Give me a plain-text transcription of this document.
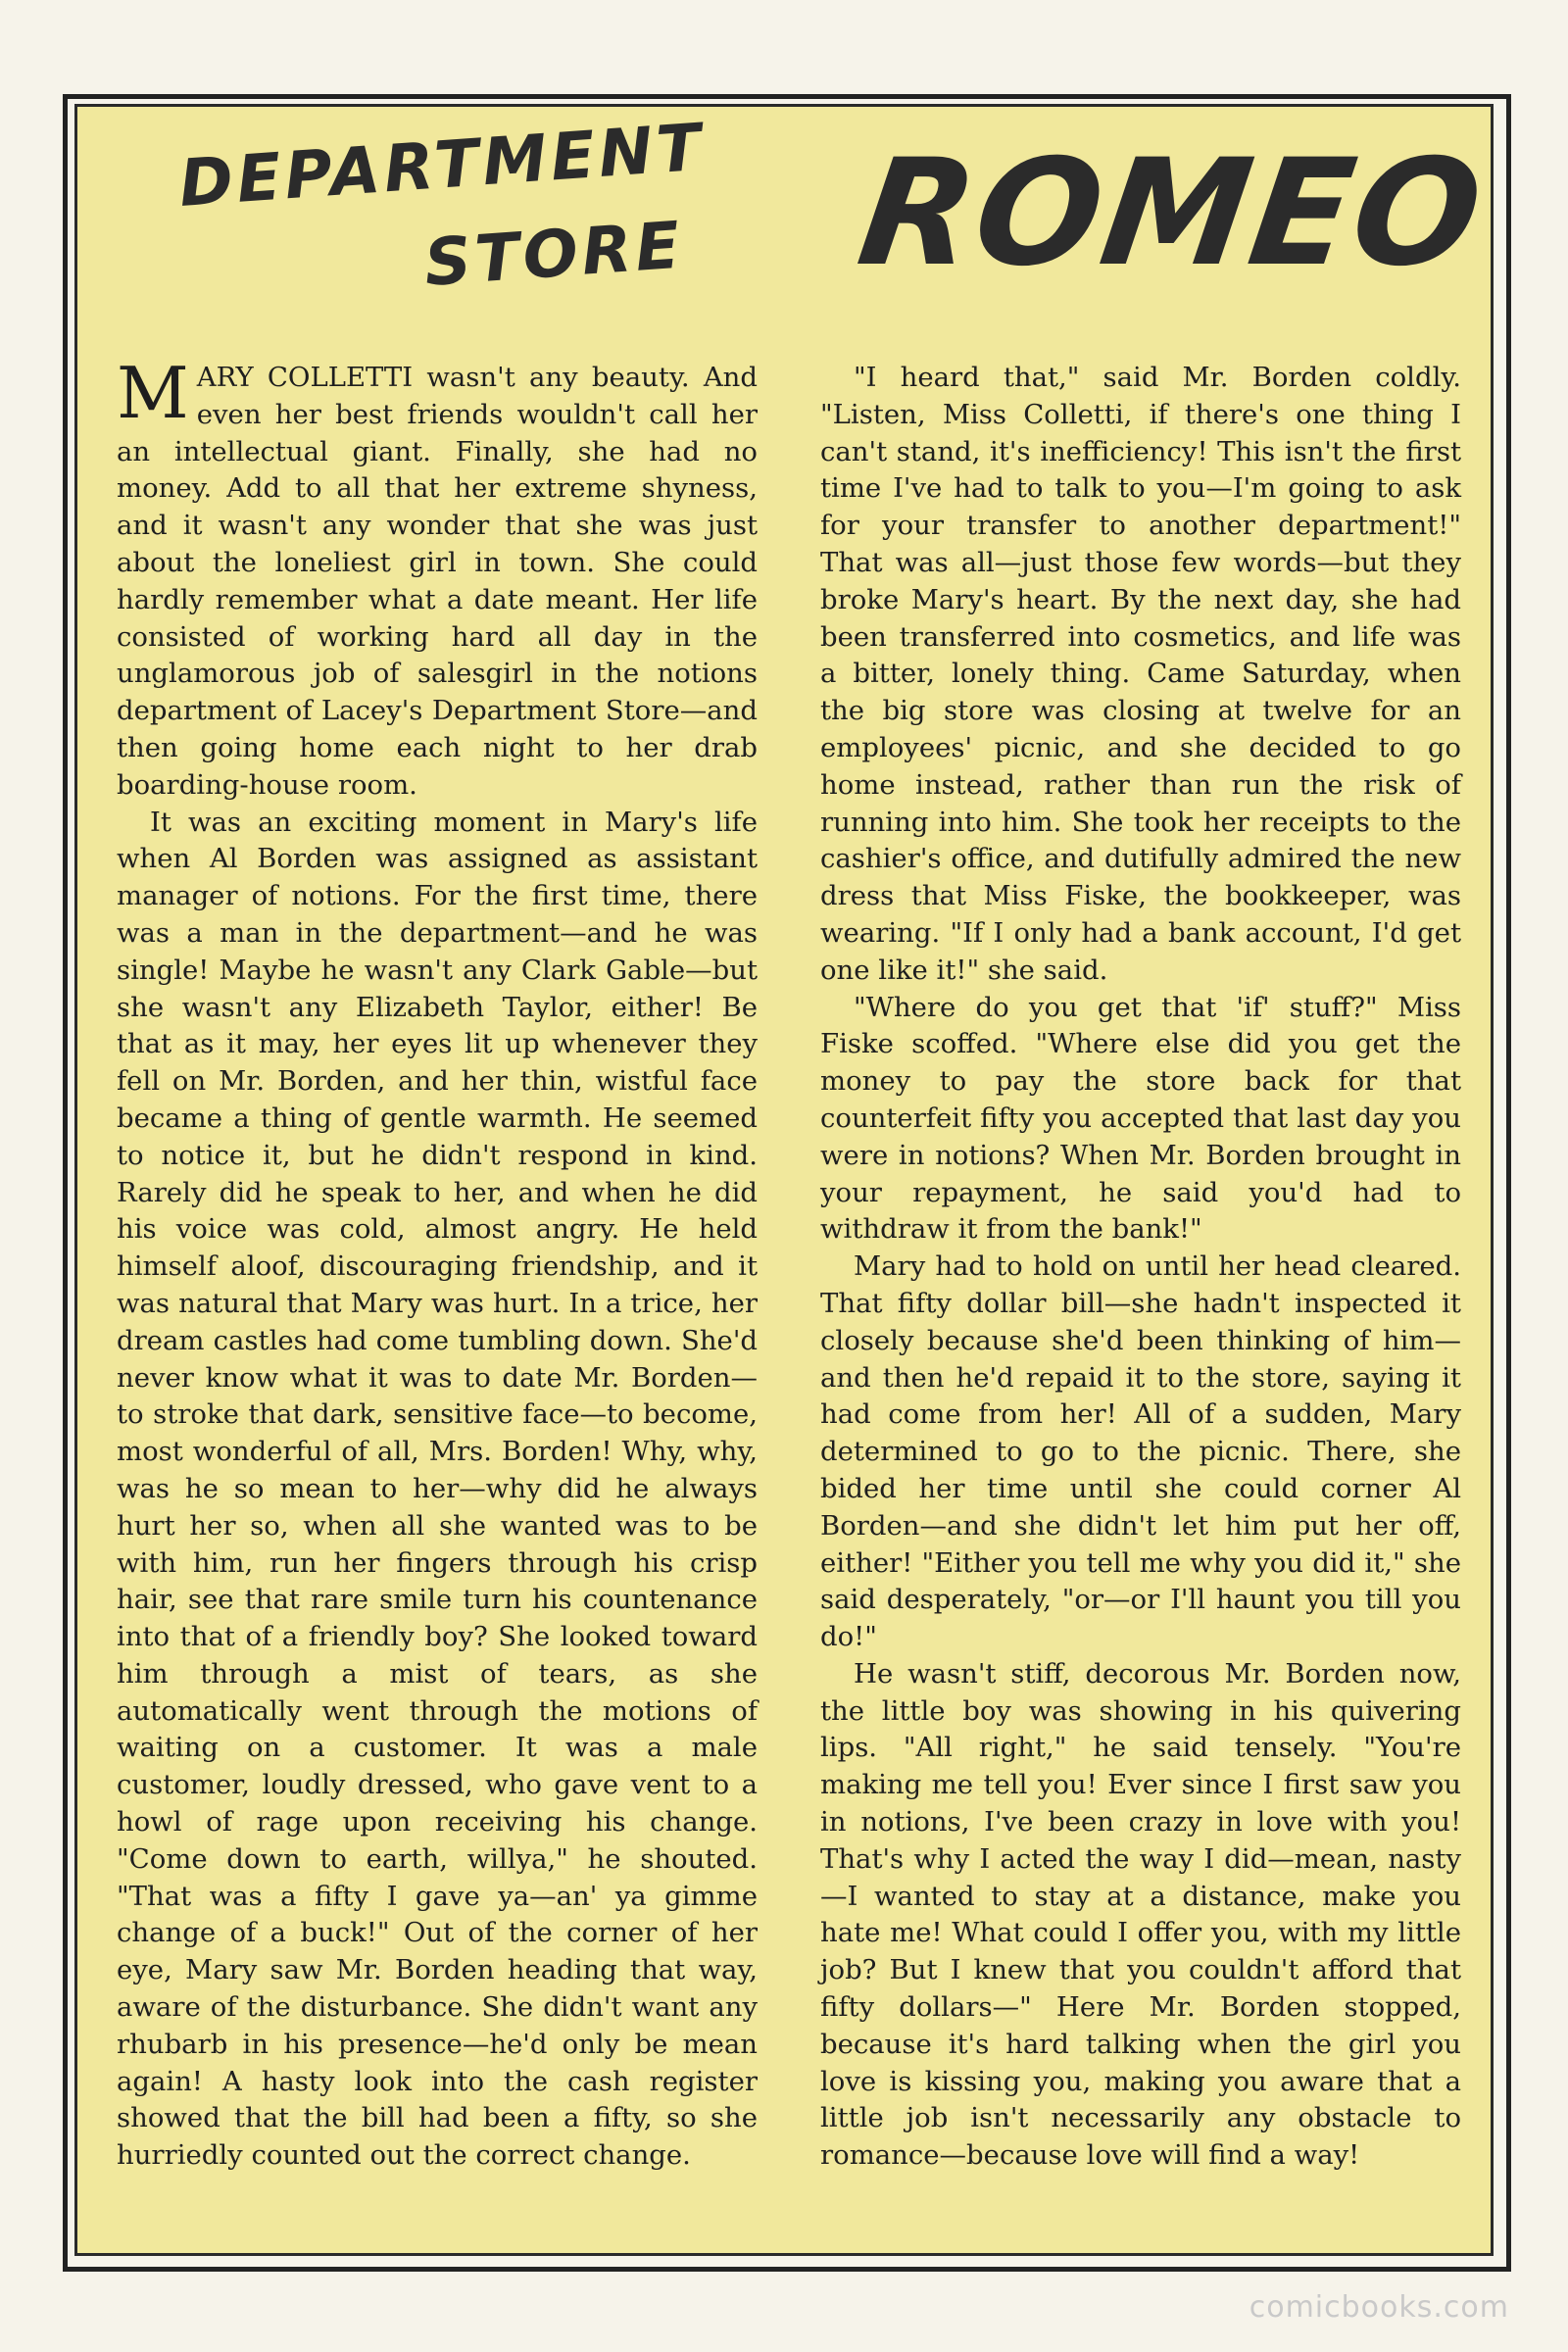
DEPARTMENT
STORE ROMEO

MARY COLLETTI wasn't any beauty. And even her best friends wouldn't call her an intellectual giant. Finally, she had no money. Add to all that her extreme shyness, and it wasn't any wonder that she was just about the loneliest girl in town. She could hardly remember what a date meant. Her life consisted of working hard all day in the unglamorous job of salesgirl in the notions department of Lacey's Department Store—and then going home each night to her drab boarding-house room.

It was an exciting moment in Mary's life when Al Borden was assigned as assistant manager of notions. For the first time, there was a man in the department—and he was single! Maybe he wasn't any Clark Gable—but she wasn't any Elizabeth Taylor, either! Be that as it may, her eyes lit up whenever they fell on Mr. Borden, and her thin, wistful face became a thing of gentle warmth. He seemed to notice it, but he didn't respond in kind. Rarely did he speak to her, and when he did his voice was cold, almost angry. He held himself aloof, discouraging friendship, and it was natural that Mary was hurt. In a trice, her dream castles had come tumbling down. She'd never know what it was to date Mr. Borden—to stroke that dark, sensitive face—to become, most wonderful of all, Mrs. Borden! Why, why, was he so mean to her—why did he always hurt her so, when all she wanted was to be with him, run her fingers through his crisp hair, see that rare smile turn his countenance into that of a friendly boy? She looked toward him through a mist of tears, as she automatically went through the motions of waiting on a customer. It was a male customer, loudly dressed, who gave vent to a howl of rage upon receiving his change. "Come down to earth, willya," he shouted. "That was a fifty I gave ya—an' ya gimme change of a buck!" Out of the corner of her eye, Mary saw Mr. Borden heading that way, aware of the disturbance. She didn't want any rhubarb in his presence—he'd only be mean again! A hasty look into the cash register showed that the bill had been a fifty, so she hurriedly counted out the correct change.

"I heard that," said Mr. Borden coldly. "Listen, Miss Colletti, if there's one thing I can't stand, it's inefficiency! This isn't the first time I've had to talk to you—I'm going to ask for your transfer to another department!" That was all—just those few words—but they broke Mary's heart. By the next day, she had been transferred into cosmetics, and life was a bitter, lonely thing. Came Saturday, when the big store was closing at twelve for an employees' picnic, and she decided to go home instead, rather than run the risk of running into him. She took her receipts to the cashier's office, and dutifully admired the new dress that Miss Fiske, the bookkeeper, was wearing. "If I only had a bank account, I'd get one like it!" she said.

"Where do you get that 'if' stuff?" Miss Fiske scoffed. "Where else did you get the money to pay the store back for that counterfeit fifty you accepted that last day you were in notions? When Mr. Borden brought in your repayment, he said you'd had to withdraw it from the bank!"

Mary had to hold on until her head cleared. That fifty dollar bill—she hadn't inspected it closely because she'd been thinking of him—and then he'd repaid it to the store, saying it had come from her! All of a sudden, Mary determined to go to the picnic. There, she bided her time until she could corner Al Borden—and she didn't let him put her off, either! "Either you tell me why you did it," she said desperately, "or—or I'll haunt you till you do!"

He wasn't stiff, decorous Mr. Borden now, the little boy was showing in his quivering lips. "All right," he said tensely. "You're making me tell you! Ever since I first saw you in notions, I've been crazy in love with you! That's why I acted the way I did—mean, nasty—I wanted to stay at a distance, make you hate me! What could I offer you, with my little job? But I knew that you couldn't afford that fifty dollars—" Here Mr. Borden stopped, because it's hard talking when the girl you love is kissing you, making you aware that a little job isn't necessarily any obstacle to romance—because love will find a way!

comicbooks.com
